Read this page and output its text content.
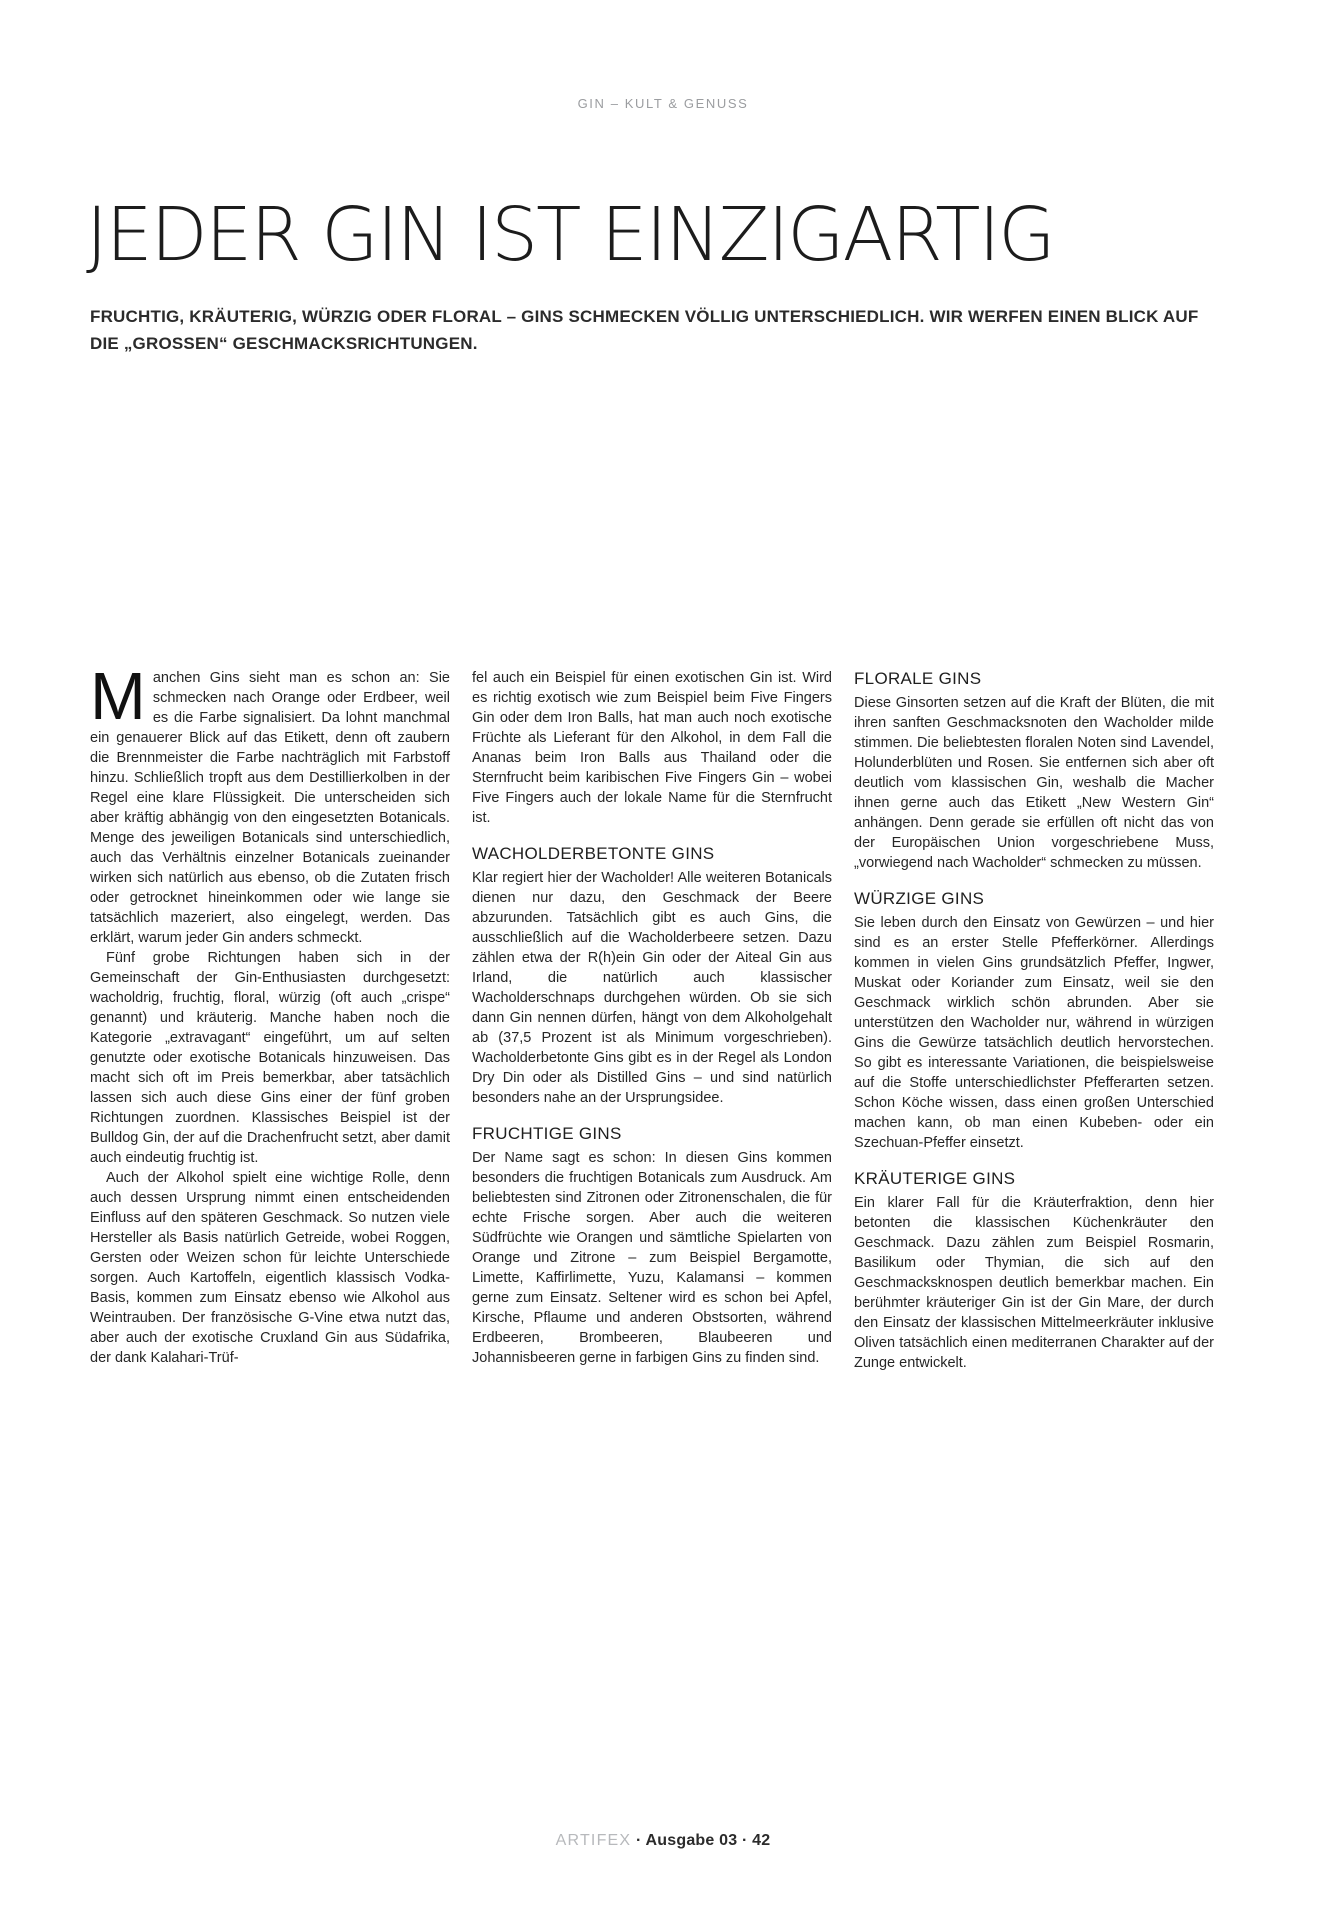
GIN – KULT & GENUSS
JEDER GIN IST EINZIGARTIG
FRUCHTIG, KRÄUTERIG, WÜRZIG ODER FLORAL – GINS SCHMECKEN VÖLLIG UNTERSCHIEDLICH. WIR WERFEN EINEN BLICK AUF DIE „GROSSEN“ GESCHMACKSRICHTUNGEN.

Manchen Gins sieht man es schon an: Sie schmecken nach Orange oder Erdbeer, weil es die Farbe signalisiert. Da lohnt manchmal ein genauerer Blick auf das Etikett, denn oft zaubern die Brennmeister die Farbe nachträglich mit Farbstoff hinzu. Schließlich tropft aus dem Destillierkolben in der Regel eine klare Flüssigkeit. Die unterscheiden sich aber kräftig abhängig von den eingesetzten Botanicals. Menge des jeweiligen Botanicals sind unterschiedlich, auch das Verhältnis einzelner Botanicals zueinander wirken sich natürlich aus ebenso, ob die Zutaten frisch oder getrocknet hineinkommen oder wie lange sie tatsächlich mazeriert, also eingelegt, werden. Das erklärt, warum jeder Gin anders schmeckt.

Fünf grobe Richtungen haben sich in der Gemeinschaft der Gin-Enthusiasten durchgesetzt: wacholdrig, fruchtig, floral, würzig (oft auch „crispe“ genannt) und kräuterig. Manche haben noch die Kategorie „extravagant“ eingeführt, um auf selten genutzte oder exotische Botanicals hinzuweisen. Das macht sich oft im Preis bemerkbar, aber tatsächlich lassen sich auch diese Gins einer der fünf groben Richtungen zuordnen. Klassisches Beispiel ist der Bulldog Gin, der auf die Drachenfrucht setzt, aber damit auch eindeutig fruchtig ist.

Auch der Alkohol spielt eine wichtige Rolle, denn auch dessen Ursprung nimmt einen entscheidenden Einfluss auf den späteren Geschmack. So nutzen viele Hersteller als Basis natürlich Getreide, wobei Roggen, Gersten oder Weizen schon für leichte Unterschiede sorgen. Auch Kartoffeln, eigentlich klassisch Vodka-Basis, kommen zum Einsatz ebenso wie Alkohol aus Weintrauben. Der französische G-Vine etwa nutzt das, aber auch der exotische Cruxland Gin aus Südafrika, der dank Kalahari-Trüf-

fel auch ein Beispiel für einen exotischen Gin ist. Wird es richtig exotisch wie zum Beispiel beim Five Fingers Gin oder dem Iron Balls, hat man auch noch exotische Früchte als Lieferant für den Alkohol, in dem Fall die Ananas beim Iron Balls aus Thailand oder die Sternfrucht beim karibischen Five Fingers Gin – wobei Five Fingers auch der lokale Name für die Sternfrucht ist.

WACHOLDERBETONTE GINS

Klar regiert hier der Wacholder! Alle weiteren Botanicals dienen nur dazu, den Geschmack der Beere abzurunden. Tatsächlich gibt es auch Gins, die ausschließlich auf die Wacholderbeere setzen. Dazu zählen etwa der R(h)ein Gin oder der Aiteal Gin aus Irland, die natürlich auch klassischer Wacholderschnaps durchgehen würden. Ob sie sich dann Gin nennen dürfen, hängt von dem Alkoholgehalt ab (37,5 Prozent ist als Minimum vorgeschrieben). Wacholderbetonte Gins gibt es in der Regel als London Dry Din oder als Distilled Gins – und sind natürlich besonders nahe an der Ursprungsidee.

FRUCHTIGE GINS

Der Name sagt es schon: In diesen Gins kommen besonders die fruchtigen Botanicals zum Ausdruck. Am beliebtesten sind Zitronen oder Zitronenschalen, die für echte Frische sorgen. Aber auch die weiteren Südfrüchte wie Orangen und sämtliche Spielarten von Orange und Zitrone – zum Beispiel Bergamotte, Limette, Kaffirlimette, Yuzu, Kalamansi – kommen gerne zum Einsatz. Seltener wird es schon bei Apfel, Kirsche, Pflaume und anderen Obstsorten, während Erdbeeren, Brombeeren, Blaubeeren und Johannisbeeren gerne in farbigen Gins zu finden sind.

FLORALE GINS

Diese Ginsorten setzen auf die Kraft der Blüten, die mit ihren sanften Geschmacksnoten den Wacholder milde stimmen. Die beliebtesten floralen Noten sind Lavendel, Holunderblüten und Rosen. Sie entfernen sich aber oft deutlich vom klassischen Gin, weshalb die Macher ihnen gerne auch das Etikett „New Western Gin“ anhängen. Denn gerade sie erfüllen oft nicht das von der Europäischen Union vorgeschriebene Muss, „vorwiegend nach Wacholder“ schmecken zu müssen.

WÜRZIGE GINS

Sie leben durch den Einsatz von Gewürzen – und hier sind es an erster Stelle Pfefferkörner. Allerdings kommen in vielen Gins grundsätzlich Pfeffer, Ingwer, Muskat oder Koriander zum Einsatz, weil sie den Geschmack wirklich schön abrunden. Aber sie unterstützen den Wacholder nur, während in würzigen Gins die Gewürze tatsächlich deutlich hervorstechen. So gibt es interessante Variationen, die beispielsweise auf die Stoffe unterschiedlichster Pfefferarten setzen. Schon Köche wissen, dass einen großen Unterschied machen kann, ob man einen Kubeben- oder ein Szechuan-Pfeffer einsetzt.

KRÄUTERIGE GINS

Ein klarer Fall für die Kräuterfraktion, denn hier betonten die klassischen Küchenkräuter den Geschmack. Dazu zählen zum Beispiel Rosmarin, Basilikum oder Thymian, die sich auf den Geschmacksknospen deutlich bemerkbar machen. Ein berühmter kräuteriger Gin ist der Gin Mare, der durch den Einsatz der klassischen Mittelmeerkräuter inklusive Oliven tatsächlich einen mediterranen Charakter auf der Zunge entwickelt.

ARTIFEX · Ausgabe 03 · 42
